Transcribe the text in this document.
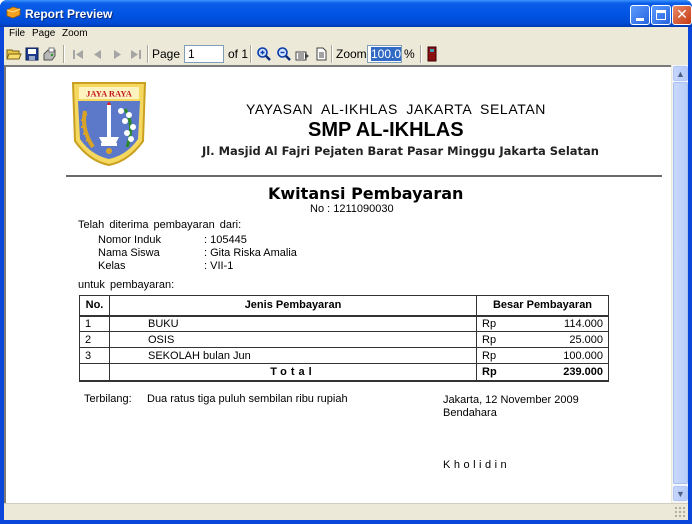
Report Preview	✕
File Page Zoom
Page 1	of 1	Zoom 100.0 %
JAYA RAYA
YAYASAN AL-IKHLAS JAKARTA SELATAN
SMP AL-IKHLAS
Jl. Masjid Al Fajri Pejaten Barat Pasar Minggu Jakarta Selatan
Kwitansi Pembayaran
No : 1211090030
Telah diterima pembayaran dari:
Nomor Induk	: 105445
Nama Siswa	: Gita Riska Amalia
Kelas	: VII-1
untuk pembayaran:
No.	Jenis Pembayaran	Besar Pembayaran
1	BUKU	Rp 114.000

2	OSIS	Rp 25.000

3	SEKOLAH bulan Jun	Rp 100.000

	Total	Rp 239.000
Terbilang: Dua ratus tiga puluh sembilan ribu rupiah	Jakarta, 12 November 2009
Bendahara
Kholidin
▲
▼
